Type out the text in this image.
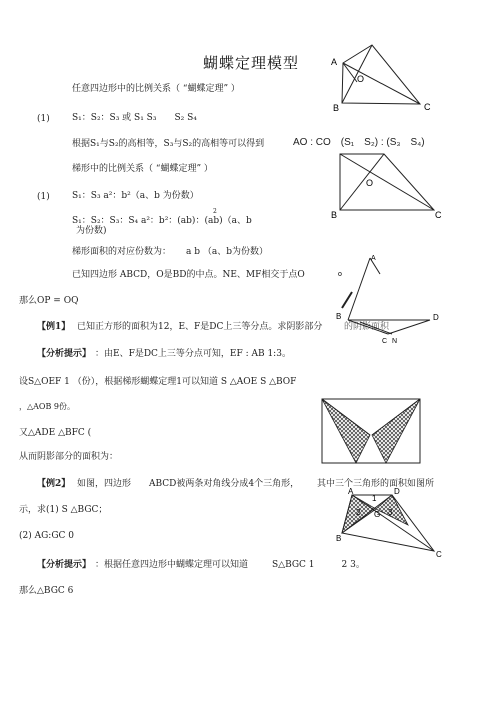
蝴蝶定理模型
任意四边形中的比例关系（ “蝴蝶定理” ）
(1) S₁：S₂：S₃ 或 S₁ S₃　　S₂ S₄
根据S₁与S₂的高相等，S₃与S₂的高相等可以得到	AO : CO　(S₁　S₂) : (S₃　S₄)
梯形中的比例关系（ “蝴蝶定理” ）
(1) S₁：S₃ a²：b²（a、b 为份数）
S₁：S₂：S₃：S₄ a²：b²：(ab)：(ab)（a、b
2
为份数)
梯形面积的对应份数为： a b （a、b为份数）
已知四边形 ABCD，O是BD的中点。NE、MF相交于点O
那么OP = OQ
【例1】 已知正方形的面积为12，E、F是DC上三等分点。求阴影部分 的阴影面积
【分析提示】 ：由E、F是DC上三等分点可知，EF : AB 1:3。
设S△OEF 1 （份），根据梯形蝴蝶定理1可以知道 S △AOE S △BOF
，△AOB 9份。
又△ADE △BFC (
从而阴影部分的面积为：
【例2】 如图，四边形　　ABCD被两条对角线分成4个三角形， 其中三个三角形的面积如图所
示，求(1) S △BGC；
(2) AG:GC 0
【分析提示】 ：根据任意四边形中蝴蝶定理可以知道	S△BGC 1　　　2 3。
那么△BGC 6
A
O
B	C
O
B	C
A
B	D
C N
o
A	D
1
2 G 3
B
C
